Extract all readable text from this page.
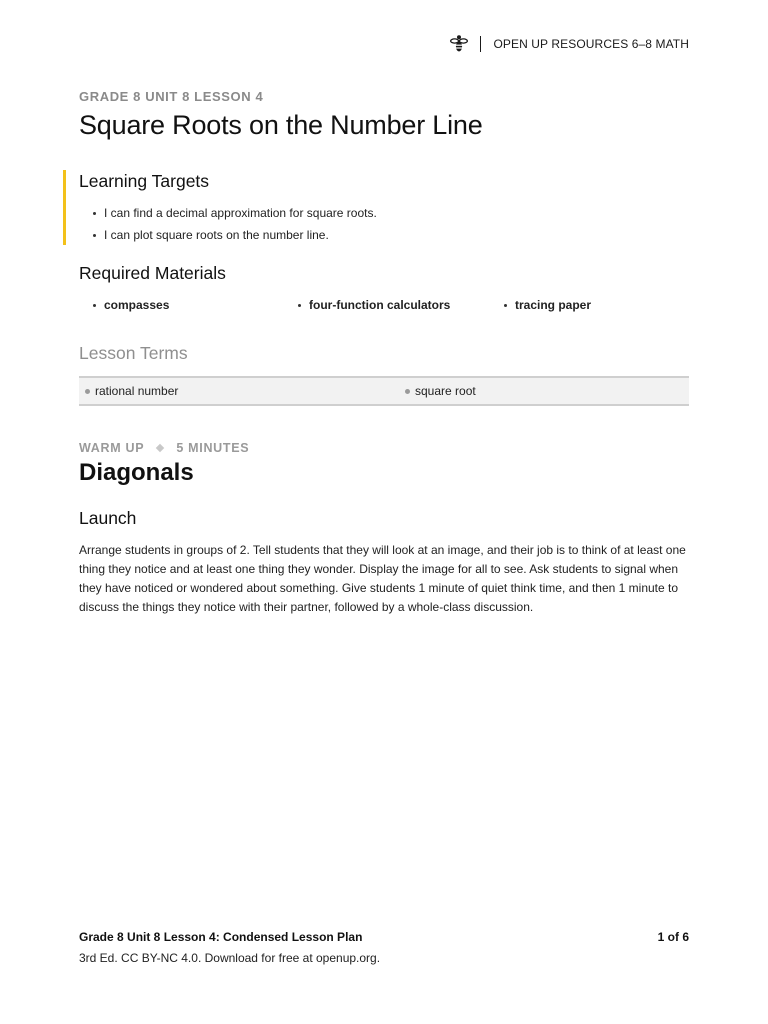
OPEN UP RESOURCES 6–8 MATH
GRADE 8 UNIT 8 LESSON 4
Square Roots on the Number Line
Learning Targets
I can find a decimal approximation for square roots.
I can plot square roots on the number line.
Required Materials
compasses	four-function calculators	tracing paper
Lesson Terms
rational number	square root
WARM UP	5 MINUTES
Diagonals
Launch

Arrange students in groups of 2. Tell students that they will look at an image, and their job is to think of at least one thing they notice and at least one thing they wonder. Display the image for all to see. Ask students to signal when they have noticed or wondered about something. Give students 1 minute of quiet think time, and then 1 minute to discuss the things they notice with their partner, followed by a whole-class discussion.

Grade 8 Unit 8 Lesson 4: Condensed Lesson Plan	1 of 6
3rd Ed. CC BY-NC 4.0. Download for free at openup.org.
